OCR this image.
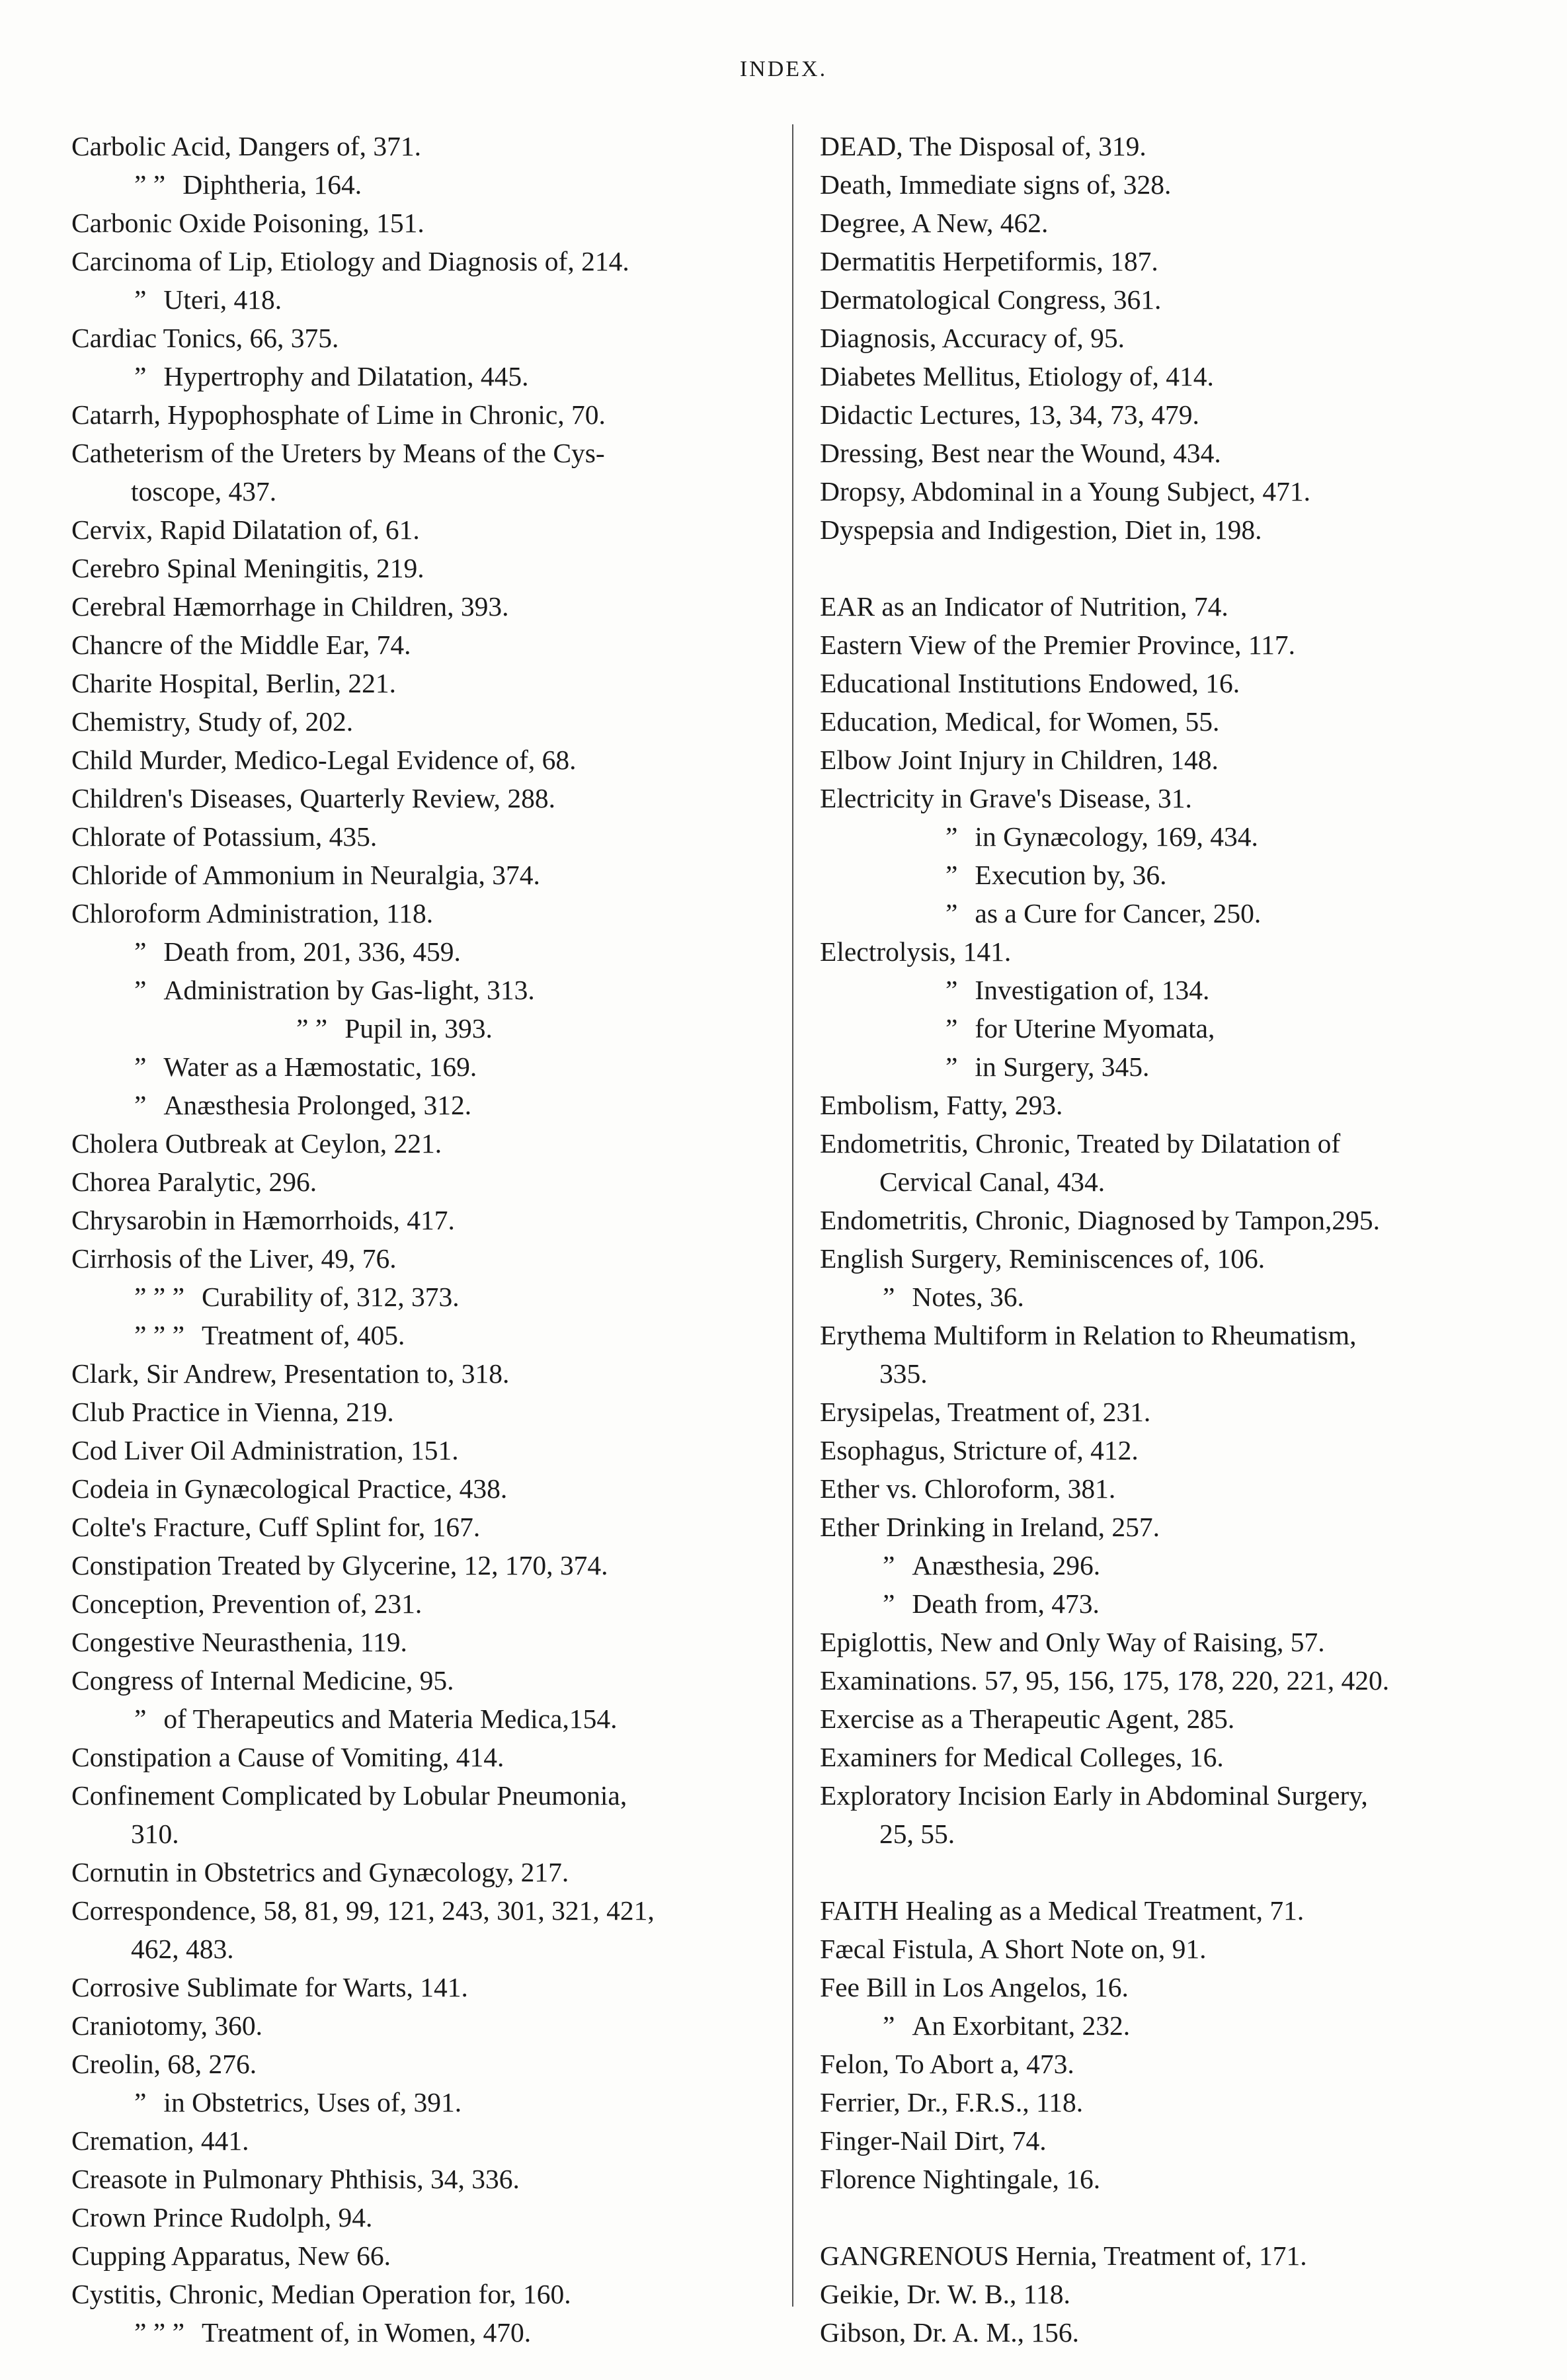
INDEX.
Carbolic Acid, Dangers of, 371.
” ” Diphtheria, 164.
Carbonic Oxide Poisoning, 151.
Carcinoma of Lip, Etiology and Diagnosis of, 214.
” Uteri, 418.
Cardiac Tonics, 66, 375.
” Hypertrophy and Dilatation, 445.
Catarrh, Hypophosphate of Lime in Chronic, 70.
Catheterism of the Ureters by Means of the Cys-
toscope, 437.
Cervix, Rapid Dilatation of, 61.
Cerebro Spinal Meningitis, 219.
Cerebral Hæmorrhage in Children, 393.
Chancre of the Middle Ear, 74.
Charite Hospital, Berlin, 221.
Chemistry, Study of, 202.
Child Murder, Medico-Legal Evidence of, 68.
Children's Diseases, Quarterly Review, 288.
Chlorate of Potassium, 435.
Chloride of Ammonium in Neuralgia, 374.
Chloroform Administration, 118.
” Death from, 201, 336, 459.
” Administration by Gas-light, 313.
” ” Pupil in, 393.
” Water as a Hæmostatic, 169.
” Anæsthesia Prolonged, 312.
Cholera Outbreak at Ceylon, 221.
Chorea Paralytic, 296.
Chrysarobin in Hæmorrhoids, 417.
Cirrhosis of the Liver, 49, 76.
” ” ” Curability of, 312, 373.
” ” ” Treatment of, 405.
Clark, Sir Andrew, Presentation to, 318.
Club Practice in Vienna, 219.
Cod Liver Oil Administration, 151.
Codeia in Gynæcological Practice, 438.
Colte's Fracture, Cuff Splint for, 167.
Constipation Treated by Glycerine, 12, 170, 374.
Conception, Prevention of, 231.
Congestive Neurasthenia, 119.
Congress of Internal Medicine, 95.
” of Therapeutics and Materia Medica,154.
Constipation a Cause of Vomiting, 414.
Confinement Complicated by Lobular Pneumonia,
310.
Cornutin in Obstetrics and Gynæcology, 217.
Correspondence, 58, 81, 99, 121, 243, 301, 321, 421,
462, 483.
Corrosive Sublimate for Warts, 141.
Craniotomy, 360.
Creolin, 68, 276.
” in Obstetrics, Uses of, 391.
Cremation, 441.
Creasote in Pulmonary Phthisis, 34, 336.
Crown Prince Rudolph, 94.
Cupping Apparatus, New 66.
Cystitis, Chronic, Median Operation for, 160.
” ” ” Treatment of, in Women, 470.
DEAD, The Disposal of, 319.
Death, Immediate signs of, 328.
Degree, A New, 462.
Dermatitis Herpetiformis, 187.
Dermatological Congress, 361.
Diagnosis, Accuracy of, 95.
Diabetes Mellitus, Etiology of, 414.
Didactic Lectures, 13, 34, 73, 479.
Dressing, Best near the Wound, 434.
Dropsy, Abdominal in a Young Subject, 471.
Dyspepsia and Indigestion, Diet in, 198.
EAR as an Indicator of Nutrition, 74.
Eastern View of the Premier Province, 117.
Educational Institutions Endowed, 16.
Education, Medical, for Women, 55.
Elbow Joint Injury in Children, 148.
Electricity in Grave's Disease, 31.
” in Gynæcology, 169, 434.
” Execution by, 36.
” as a Cure for Cancer, 250.
Electrolysis, 141.
” Investigation of, 134.
” for Uterine Myomata,
” in Surgery, 345.
Embolism, Fatty, 293.
Endometritis, Chronic, Treated by Dilatation of
Cervical Canal, 434.
Endometritis, Chronic, Diagnosed by Tampon,295.
English Surgery, Reminiscences of, 106.
” Notes, 36.
Erythema Multiform in Relation to Rheumatism,
335.
Erysipelas, Treatment of, 231.
Esophagus, Stricture of, 412.
Ether vs. Chloroform, 381.
Ether Drinking in Ireland, 257.
” Anæsthesia, 296.
” Death from, 473.
Epiglottis, New and Only Way of Raising, 57.
Examinations. 57, 95, 156, 175, 178, 220, 221, 420.
Exercise as a Therapeutic Agent, 285.
Examiners for Medical Colleges, 16.
Exploratory Incision Early in Abdominal Surgery,
25, 55.
FAITH Healing as a Medical Treatment, 71.
Fæcal Fistula, A Short Note on, 91.
Fee Bill in Los Angelos, 16.
” An Exorbitant, 232.
Felon, To Abort a, 473.
Ferrier, Dr., F.R.S., 118.
Finger-Nail Dirt, 74.
Florence Nightingale, 16.
GANGRENOUS Hernia, Treatment of, 171.
Geikie, Dr. W. B., 118.
Gibson, Dr. A. M., 156.
